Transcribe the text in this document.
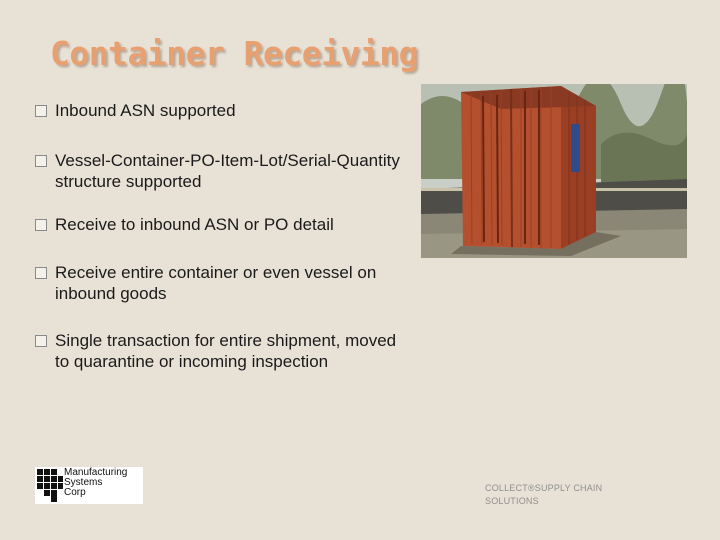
Container Receiving
Inbound ASN supported
Vessel-Container-PO-Item-Lot/Serial-Quantity structure supported
Receive to inbound ASN or PO detail
Receive entire container or even vessel on inbound goods
Single transaction for entire shipment, moved to quarantine or incoming inspection
Manufacturing
Systems
Corp	COLLECT®SUPPLY CHAIN
SOLUTIONS
